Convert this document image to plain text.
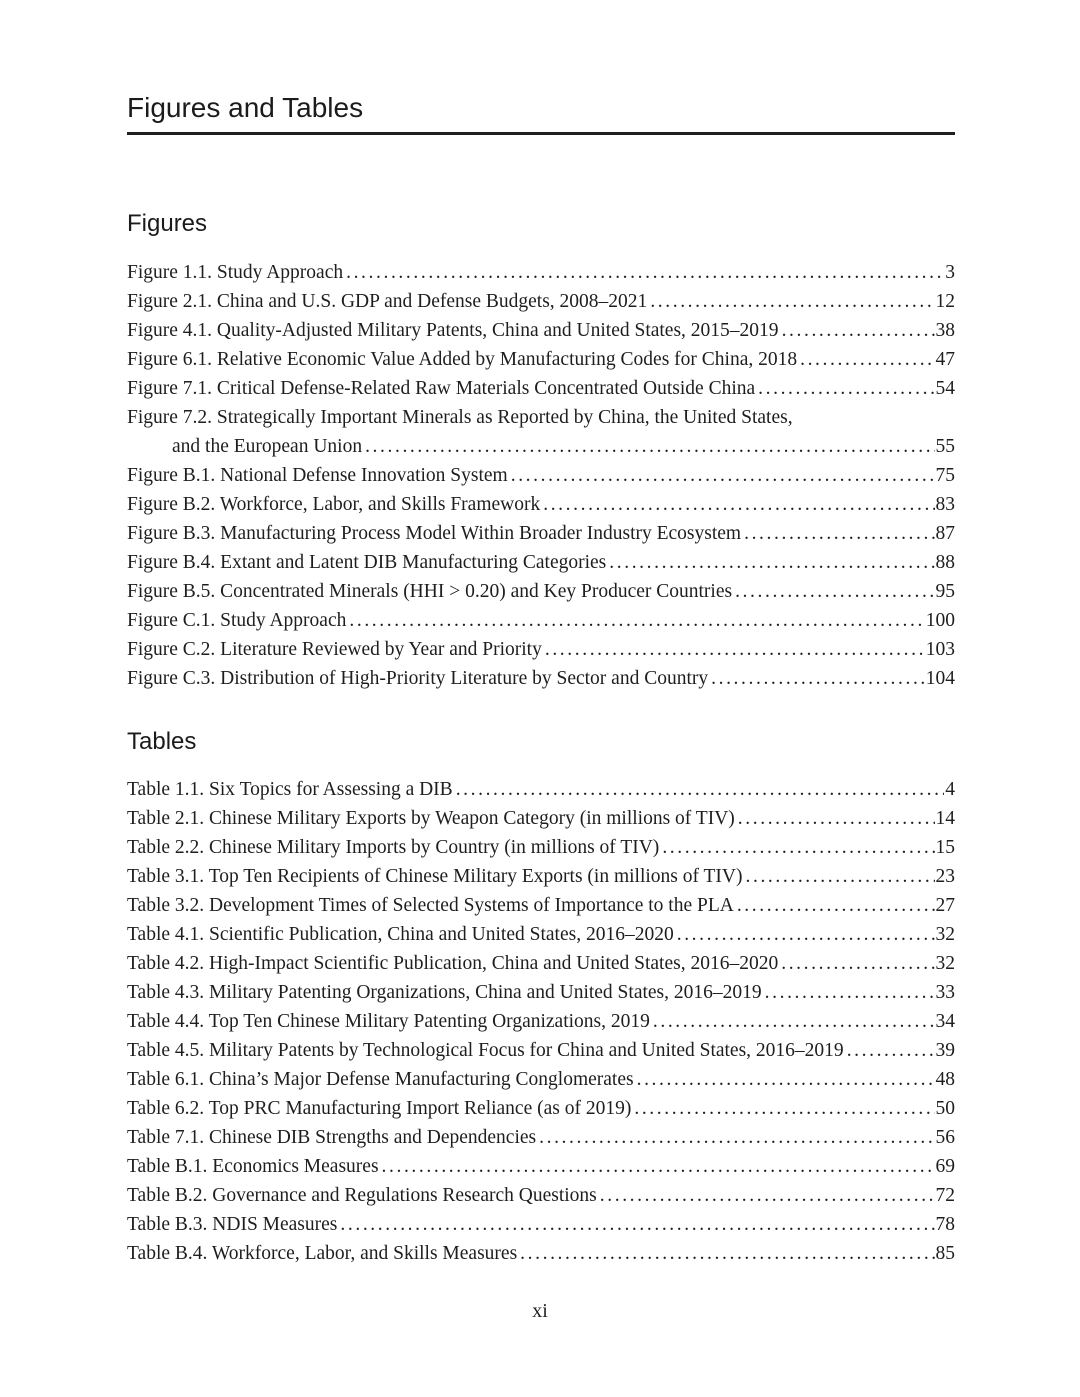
Figures and Tables
Figures
Figure 1.1. Study Approach .....	3
Figure 2.1. China and U.S. GDP and Defense Budgets, 2008–2021 .....	12
Figure 4.1. Quality-Adjusted Military Patents, China and United States, 2015–2019 .....	38
Figure 6.1. Relative Economic Value Added by Manufacturing Codes for China, 2018 .....	47
Figure 7.1. Critical Defense-Related Raw Materials Concentrated Outside China .....	54
Figure 7.2. Strategically Important Minerals as Reported by China, the United States,
and the European Union .....	55
Figure B.1. National Defense Innovation System .....	75
Figure B.2. Workforce, Labor, and Skills Framework .....	83
Figure B.3. Manufacturing Process Model Within Broader Industry Ecosystem .....	87
Figure B.4. Extant and Latent DIB Manufacturing Categories .....	88
Figure B.5. Concentrated Minerals (HHI > 0.20) and Key Producer Countries .....	95
Figure C.1. Study Approach .....	100
Figure C.2. Literature Reviewed by Year and Priority .....	103
Figure C.3. Distribution of High-Priority Literature by Sector and Country .....	104
Tables
Table 1.1. Six Topics for Assessing a DIB .....	4
Table 2.1. Chinese Military Exports by Weapon Category (in millions of TIV) .....	14
Table 2.2. Chinese Military Imports by Country (in millions of TIV) .....	15
Table 3.1. Top Ten Recipients of Chinese Military Exports (in millions of TIV) .....	23
Table 3.2. Development Times of Selected Systems of Importance to the PLA .....	27
Table 4.1. Scientific Publication, China and United States, 2016–2020 .....	32
Table 4.2. High-Impact Scientific Publication, China and United States, 2016–2020 .....	32
Table 4.3. Military Patenting Organizations, China and United States, 2016–2019 .....	33
Table 4.4. Top Ten Chinese Military Patenting Organizations, 2019 .....	34
Table 4.5. Military Patents by Technological Focus for China and United States, 2016–2019 .....	39
Table 6.1. China’s Major Defense Manufacturing Conglomerates .....	48
Table 6.2. Top PRC Manufacturing Import Reliance (as of 2019) .....	50
Table 7.1. Chinese DIB Strengths and Dependencies .....	56
Table B.1. Economics Measures .....	69
Table B.2. Governance and Regulations Research Questions .....	72
Table B.3. NDIS Measures .....	78
Table B.4. Workforce, Labor, and Skills Measures .....	85
xi
